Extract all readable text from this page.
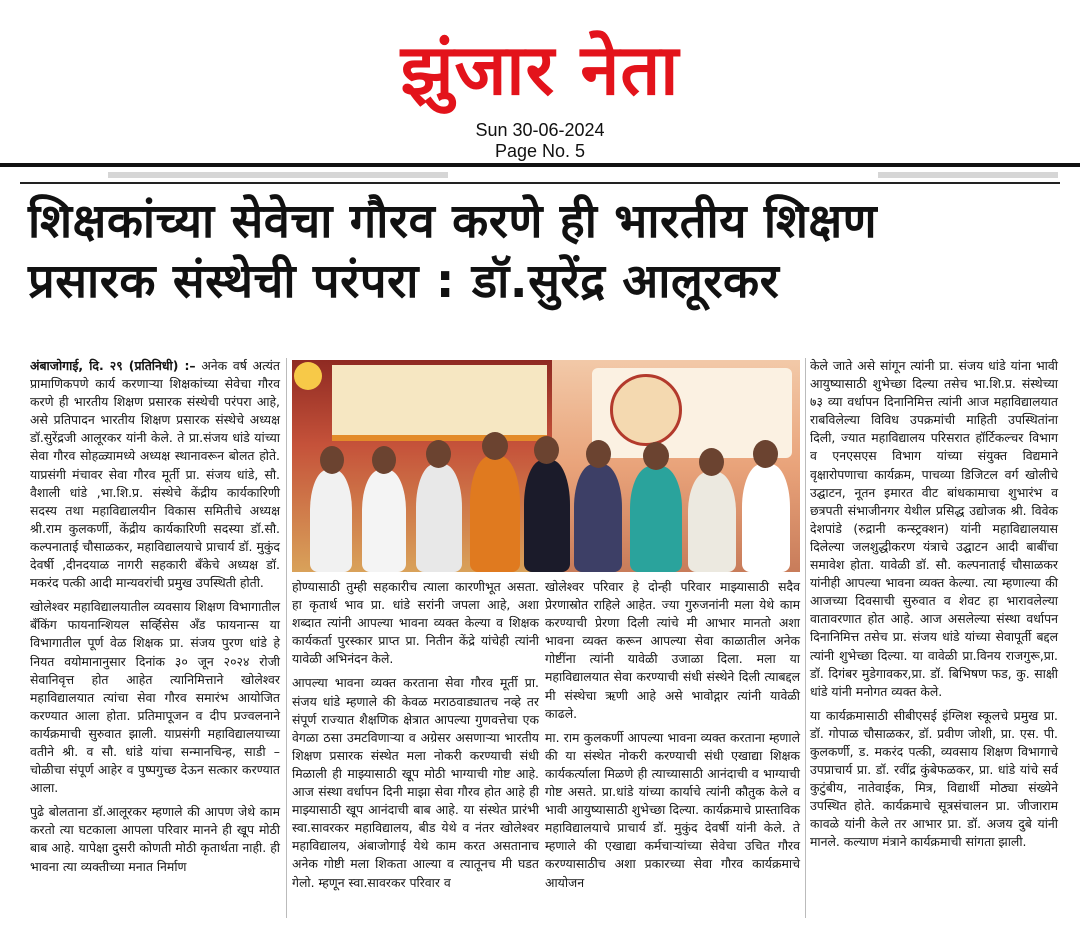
झुंजार नेता
Sun 30-06-2024
Page No. 5
शिक्षकांच्या सेवेचा गौरव करणे ही भारतीय शिक्षण
प्रसारक संस्थेची परंपरा : डॉ.सुरेंद्र आलूरकर

अंबाजोगाई, दि. २९ (प्रतिनिधी) :– अनेक वर्ष अत्यंत प्रामाणिकपणे कार्य करणाऱ्या शिक्षकांच्या सेवेचा गौरव करणे ही भारतीय शिक्षण प्रसारक संस्थेची परंपरा आहे, असे प्रतिपादन भारतीय शिक्षण प्रसारक संस्थेचे अध्यक्ष डॉ.सुरेंद्रजी आलूरकर यांनी केले. ते प्रा.संजय धांडे यांच्या सेवा गौरव सोहळ्यामध्ये अध्यक्ष स्थानावरून बोलत होते. याप्रसंगी मंचावर सेवा गौरव मूर्ती प्रा. संजय धांडे, सौ. वैशाली धांडे ,भा.शि.प्र. संस्थेचे केंद्रीय कार्यकारिणी सदस्य तथा महाविद्यालयीन विकास समितीचे अध्यक्ष श्री.राम कुलकर्णी, केंद्रीय कार्यकारिणी सदस्या डॉ.सौ. कल्पनाताई चौसाळकर, महाविद्यालयाचे प्राचार्य डॉ. मुकुंद देवर्षी ,दीनदयाळ नागरी सहकारी बँकेचे अध्यक्ष डॉ. मकरंद पत्की आदी मान्यवरांची प्रमुख उपस्थिती होती.

खोलेश्वर महाविद्यालयातील व्यवसाय शिक्षण विभागातील बँकिंग फायनान्शियल सर्व्हिसेस अँड फायनान्स या विभागातील पूर्ण वेळ शिक्षक प्रा. संजय पुरण धांडे हे नियत वयोमानानुसार दिनांक ३० जून २०२४ रोजी सेवानिवृत्त होत आहेत त्यानिमित्ताने खोलेश्वर महाविद्यालयात त्यांचा सेवा गौरव समारंभ आयोजित करण्यात आला होता. प्रतिमापूजन व दीप प्रज्वलनाने कार्यक्रमाची सुरुवात झाली. याप्रसंगी महाविद्यालयाच्या वतीने श्री. व सौ. धांडे यांचा सन्मानचिन्ह, साडी –चोळीचा संपूर्ण आहेर व पुष्पगुच्छ देऊन सत्कार करण्यात आला.

पुढे बोलताना डॉ.आलूरकर म्हणाले की आपण जेथे काम करतो त्या घटकाला आपला परिवार मानने ही खूप मोठी बाब आहे. यापेक्षा दुसरी कोणती मोठी कृतार्थता नाही. ही भावना त्या व्यक्तीच्या मनात निर्माण

होण्यासाठी तुम्ही सहकारीच त्याला कारणीभूत असता. हा कृतार्थ भाव प्रा. धांडे सरांनी जपला आहे, अशा शब्दात त्यांनी आपल्या भावना व्यक्त केल्या व शिक्षक कार्यकर्ता पुरस्कार प्राप्त प्रा. नितीन केंद्रे यांचेही त्यांनी यावेळी अभिनंदन केले.

आपल्या भावना व्यक्त करताना सेवा गौरव मूर्ती प्रा. संजय धांडे म्हणाले की केवळ मराठवाड्यातच नव्हे तर संपूर्ण राज्यात शैक्षणिक क्षेत्रात आपल्या गुणवत्तेचा एक वेगळा ठसा उमटविणाऱ्या व अग्रेसर असणाऱ्या भारतीय शिक्षण प्रसारक संस्थेत मला नोकरी करण्याची संधी मिळाली ही माझ्यासाठी खूप मोठी भाग्याची गोष्ट आहे. आज संस्था वर्धापन दिनी माझा सेवा गौरव होत आहे ही माझ्यासाठी खूप आनंदाची बाब आहे. या संस्थेत प्रारंभी स्वा.सावरकर महाविद्यालय, बीड येथे व नंतर खोलेश्वर महाविद्यालय, अंबाजोगाई येथे काम करत असतानाच अनेक गोष्टी मला शिकता आल्या व त्यातूनच मी घडत गेलो. म्हणून स्वा.सावरकर परिवार व

खोलेश्वर परिवार हे दोन्ही परिवार माझ्यासाठी सदैव प्रेरणास्रोत राहिले आहेत. ज्या गुरुजनांनी मला येथे काम करण्याची प्रेरणा दिली त्यांचे मी आभार मानतो अशा भावना व्यक्त करून आपल्या सेवा काळातील अनेक गोष्टींना त्यांनी यावेळी उजाळा दिला. मला या महाविद्यालयात सेवा करण्याची संधी संस्थेने दिली त्याबद्दल मी संस्थेचा ऋणी आहे असे भावोद्गार त्यांनी यावेळी काढले.

मा. राम कुलकर्णी आपल्या भावना व्यक्त करताना म्हणाले की या संस्थेत नोकरी करण्याची संधी एखाद्या शिक्षक कार्यकर्त्याला मिळणे ही त्याच्यासाठी आनंदाची व भाग्याची गोष्ट असते. प्रा.धांडे यांच्या कार्याचे त्यांनी कौतुक केले व भावी आयुष्यासाठी शुभेच्छा दिल्या. कार्यक्रमाचे प्रास्ताविक महाविद्यालयाचे प्राचार्य डॉ. मुकुंद देवर्षी यांनी केले. ते म्हणाले की एखाद्या कर्मचाऱ्यांच्या सेवेचा उचित गौरव करण्यासाठीच अशा प्रकारच्या सेवा गौरव कार्यक्रमाचे आयोजन

केले जाते असे सांगून त्यांनी प्रा. संजय धांडे यांना भावी आयुष्यासाठी शुभेच्छा दिल्या तसेच भा.शि.प्र. संस्थेच्या ७३ व्या वर्धापन दिनानिमित्त त्यांनी आज महाविद्यालयात राबविलेल्या विविध उपक्रमांची माहिती उपस्थितांना दिली, ज्यात महाविद्यालय परिसरात हॉर्टिकल्चर विभाग व एनएसएस विभाग यांच्या संयुक्त विद्यमाने वृक्षारोपणाचा कार्यक्रम, पाचव्या डिजिटल वर्ग खोलीचे उद्घाटन, नूतन इमारत वीट बांधकामाचा शुभारंभ व छत्रपती संभाजीनगर येथील प्रसिद्ध उद्योजक श्री. विवेक देशपांडे (रुद्रानी कन्स्ट्रक्शन) यांनी महाविद्यालयास दिलेल्या जलशुद्धीकरण यंत्राचे उद्घाटन आदी बाबींचा समावेश होता. यावेळी डॉ. सौ. कल्पनाताई चौसाळकर यांनीही आपल्या भावना व्यक्त केल्या. त्या म्हणाल्या की आजच्या दिवसाची सुरुवात व शेवट हा भारावलेल्या वातावरणात होत आहे. आज असलेल्या संस्था वर्धापन दिनानिमित्त तसेच प्रा. संजय धांडे यांच्या सेवापूर्ती बद्दल त्यांनी शुभेच्छा दिल्या. या वावेळी प्रा.विनय राजगुरू,प्रा. डॉ. दिगंबर मुडेगावकर,प्रा. डॉ. बिभिषण फड, कु. साक्षी धांडे यांनी मनोगत व्यक्त केले.

या कार्यक्रमासाठी सीबीएसई इंग्लिश स्कूलचे प्रमुख प्रा. डॉ. गोपाळ चौसाळकर, डॉ. प्रवीण जोशी, प्रा. एस. पी. कुलकर्णी, ड. मकरंद पत्की, व्यवसाय शिक्षण विभागाचे उपप्राचार्य प्रा. डॉ. रवींद्र कुंबेफळकर, प्रा. धांडे यांचे सर्व कुटुंबीय, नातेवाईक, मित्र, विद्यार्थी मोठ्या संख्येने उपस्थित होते. कार्यक्रमाचे सूत्रसंचालन प्रा. जीजाराम कावळे यांनी केले तर आभार प्रा. डॉ. अजय दुबे यांनी मानले. कल्याण मंत्राने कार्यक्रमाची सांगता झाली.
